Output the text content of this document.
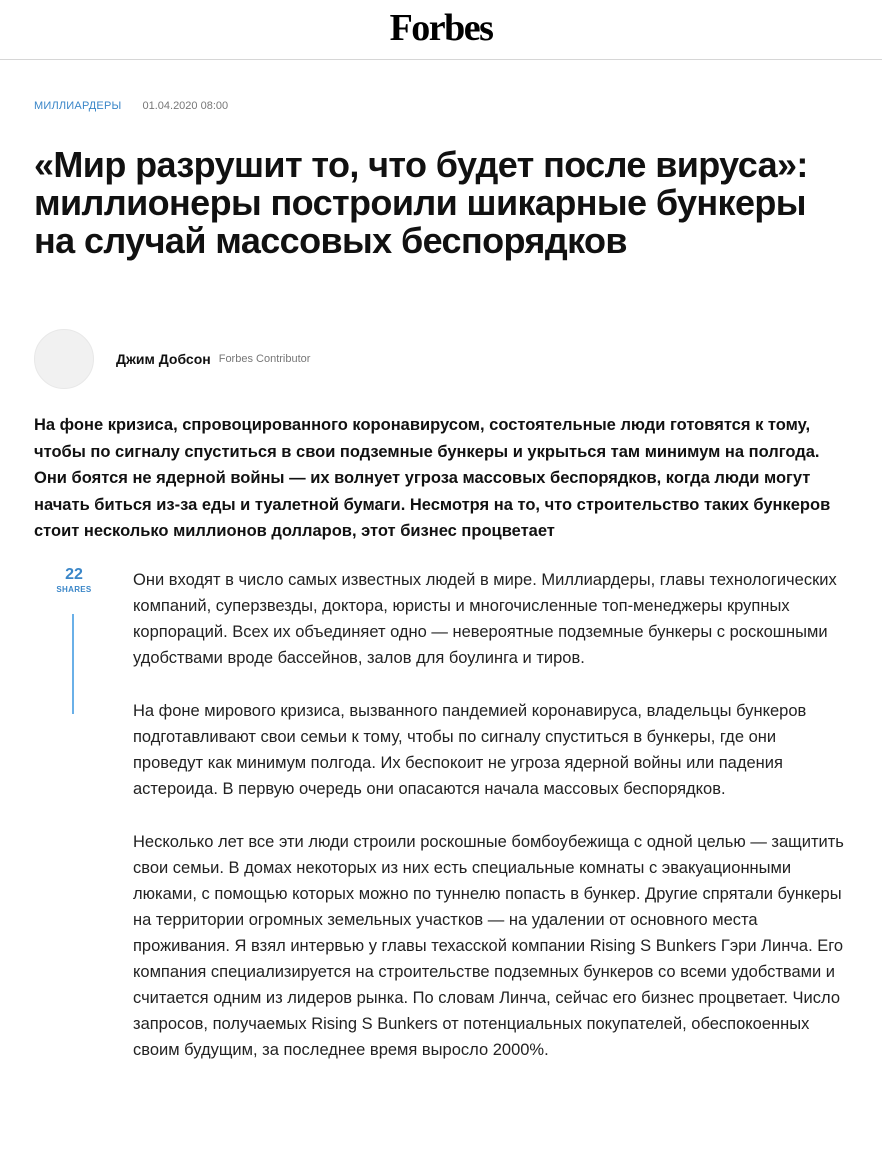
Forbes
МИЛЛИАРДЕРЫ 01.04.2020 08:00
«Мир разрушит то, что будет после вируса»: миллионеры построили шикарные бункеры на случай массовых беспорядков
Джим Добсон Forbes Contributor

На фоне кризиса, спровоцированного коронавирусом, состоятельные люди готовятся к тому, чтобы по сигналу спуститься в свои подземные бункеры и укрыться там минимум на полгода. Они боятся не ядерной войны — их волнует угроза массовых беспорядков, когда люди могут начать биться из-за еды и туалетной бумаги. Несмотря на то, что строительство таких бункеров стоит несколько миллионов долларов, этот бизнес процветает

22
SHARES

Они входят в число самых известных людей в мире. Миллиардеры, главы технологических компаний, суперзвезды, доктора, юристы и многочисленные топ-менеджеры крупных корпораций. Всех их объединяет одно — невероятные подземные бункеры с роскошными удобствами вроде бассейнов, залов для боулинга и тиров.

На фоне мирового кризиса, вызванного пандемией коронавируса, владельцы бункеров подготавливают свои семьи к тому, чтобы по сигналу спуститься в бункеры, где они проведут как минимум полгода. Их беспокоит не угроза ядерной войны или падения астероида. В первую очередь они опасаются начала массовых беспорядков.

Несколько лет все эти люди строили роскошные бомбоубежища с одной целью — защитить свои семьи. В домах некоторых из них есть специальные комнаты с эвакуационными люками, с помощью которых можно по туннелю попасть в бункер. Другие спрятали бункеры на территории огромных земельных участков — на удалении от основного места проживания. Я взял интервью у главы техасской компании Rising S Bunkers Гэри Линча. Его компания специализируется на строительстве подземных бункеров со всеми удобствами и считается одним из лидеров рынка. По словам Линча, сейчас его бизнес процветает. Число запросов, получаемых Rising S Bunkers от потенциальных покупателей, обеспокоенных своим будущим, за последнее время выросло 2000%.
